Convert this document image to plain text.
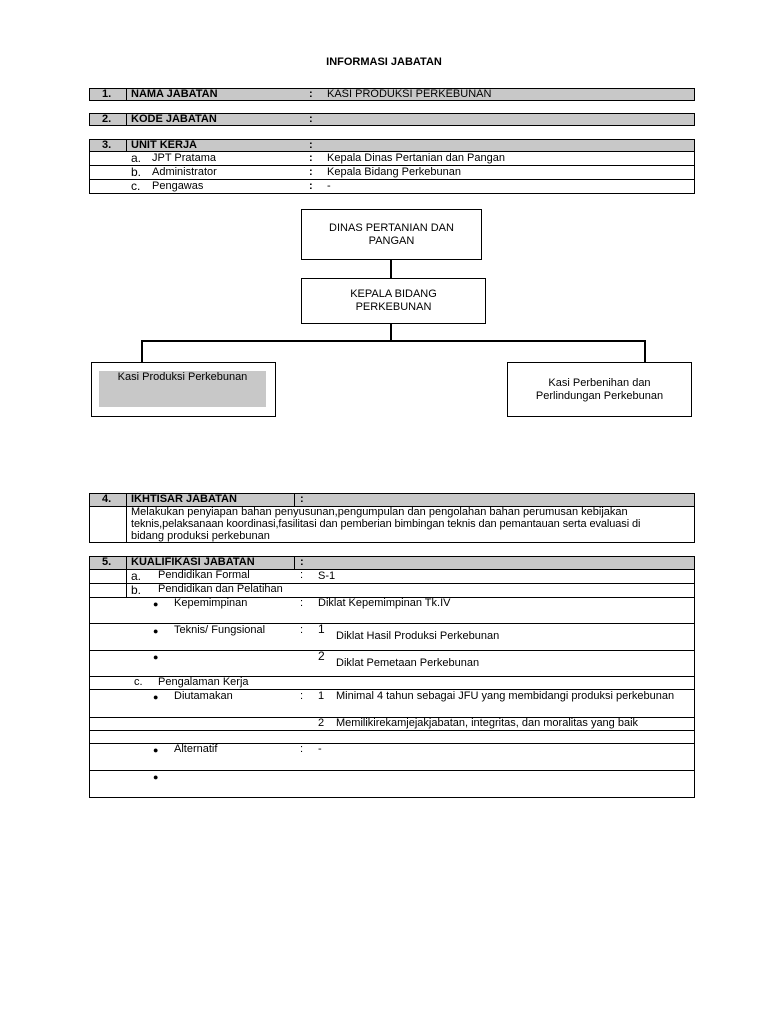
INFORMASI JABATAN
1. NAMA JABATAN	: KASI PRODUKSI PERKEBUNAN
2. KODE JABATAN	:
3. UNIT KERJA	:
a. JPT Pratama	: Kepala Dinas Pertanian dan Pangan
b. Administrator	: Kepala Bidang Perkebunan
c. Pengawas	: -
DINAS PERTANIAN DAN
PANGAN
KEPALA BIDANG
PERKEBUNAN
Kasi Produksi Perkebunan	Kasi Perbenihan dan
Perlindungan Perkebunan
4. IKHTISAR JABATAN	:
Melakukan penyiapan bahan penyusunan,pengumpulan dan pengolahan bahan perumusan kebijakan
teknis,pelaksanaan koordinasi,fasilitasi dan pemberian bimbingan teknis dan pemantauan serta evaluasi di
bidang produksi perkebunan
5. KUALIFIKASI JABATAN	:
a. Pendidikan Formal	: S-1
b. Pendidikan dan Pelatihan
● Kepemimpinan	: Diklat Kepemimpinan Tk.IV
● Teknis/ Fungsional	: 1 Diklat Hasil Produksi Perkebunan
●	2 Diklat Pemetaan Perkebunan
c. Pengalaman Kerja
● Diutamakan	: 1 Minimal 4 tahun sebagai JFU yang membidangi produksi perkebunan
2 Memilikirekamjejakjabatan, integritas, dan moralitas yang baik
● Alternatif	: -
●
